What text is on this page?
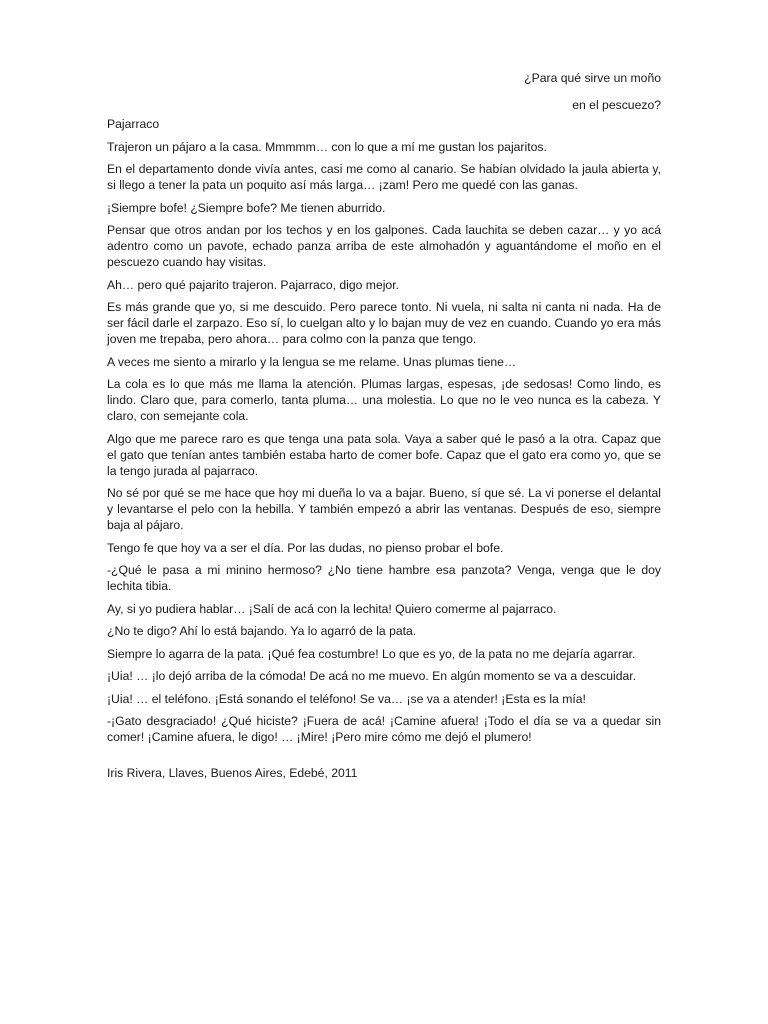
¿Para qué sirve un moño
en el pescuezo?

Pajarraco

Trajeron un pájaro a la casa. Mmmmm… con lo que a mí me gustan los pajaritos.

En el departamento donde vivía antes, casi me como al canario. Se habían olvidado la jaula abierta y, si llego a tener la pata un poquito así más larga… ¡zam! Pero me quedé con las ganas.

¡Siempre bofe! ¿Siempre bofe? Me tienen aburrido.

Pensar que otros andan por los techos y en los galpones. Cada lauchita se deben cazar… y yo acá adentro como un pavote, echado panza arriba de este almohadón y aguantándome el moño en el pescuezo cuando hay visitas.

Ah… pero qué pajarito trajeron. Pajarraco, digo mejor.

Es más grande que yo, si me descuido. Pero parece tonto. Ni vuela, ni salta ni canta ni nada. Ha de ser fácil darle el zarpazo. Eso sí, lo cuelgan alto y lo bajan muy de vez en cuando. Cuando yo era más joven me trepaba, pero ahora… para colmo con la panza que tengo.

A veces me siento a mirarlo y la lengua se me relame. Unas plumas tiene…

La cola es lo que más me llama la atención. Plumas largas, espesas, ¡de sedosas! Como lindo, es lindo. Claro que, para comerlo, tanta pluma… una molestia. Lo que no le veo nunca es la cabeza. Y claro, con semejante cola.

Algo que me parece raro es que tenga una pata sola. Vaya a saber qué le pasó a la otra. Capaz que el gato que tenían antes también estaba harto de comer bofe. Capaz que el gato era como yo, que se la tengo jurada al pajarraco.

No sé por qué se me hace que hoy mi dueña lo va a bajar. Bueno, sí que sé. La vi ponerse el delantal y levantarse el pelo con la hebilla. Y también empezó a abrir las ventanas. Después de eso, siempre baja al pájaro.

Tengo fe que hoy va a ser el día. Por las dudas, no pienso probar el bofe.

-¿Qué le pasa a mi minino hermoso? ¿No tiene hambre esa panzota? Venga, venga que le doy lechita tibia.

Ay, si yo pudiera hablar… ¡Salí de acá con la lechita! Quiero comerme al pajarraco.

¿No te digo? Ahí lo está bajando. Ya lo agarró de la pata.

Siempre lo agarra de la pata. ¡Qué fea costumbre! Lo que es yo, de la pata no me dejaría agarrar.

¡Uia! … ¡lo dejó arriba de la cómoda! De acá no me muevo. En algún momento se va a descuidar.

¡Uia! … el teléfono. ¡Está sonando el teléfono! Se va… ¡se va a atender! ¡Esta es la mía!

-¡Gato desgraciado! ¿Qué hiciste? ¡Fuera de acá! ¡Camine afuera! ¡Todo el día se va a quedar sin comer! ¡Camine afuera, le digo! … ¡Mire! ¡Pero mire cómo me dejó el plumero!

Iris Rivera, Llaves, Buenos Aires, Edebé, 2011
